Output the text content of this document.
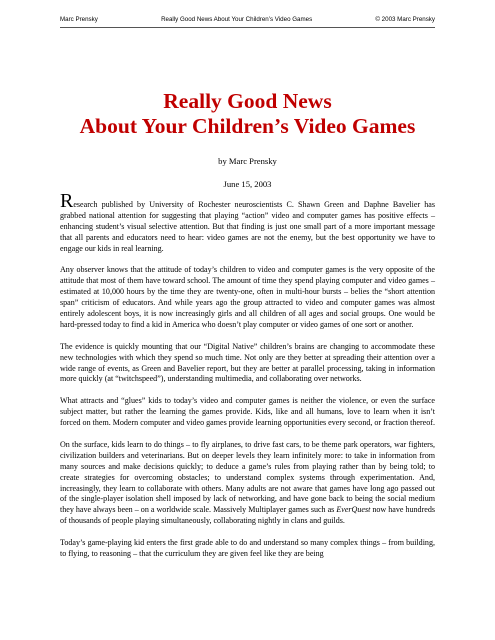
Marc Prensky	Really Good News About Your Children’s Video Games	© 2003 Marc Prensky
Really Good News
About Your Children’s Video Games
by Marc Prensky
June 15, 2003

Research published by University of Rochester neuroscientists C. Shawn Green and Daphne Bavelier has grabbed national attention for suggesting that playing “action” video and computer games has positive effects – enhancing student’s visual selective attention. But that finding is just one small part of a more important message that all parents and educators need to hear: video games are not the enemy, but the best opportunity we have to engage our kids in real learning.

Any observer knows that the attitude of today’s children to video and computer games is the very opposite of the attitude that most of them have toward school. The amount of time they spend playing computer and video games – estimated at 10,000 hours by the time they are twenty-one, often in multi-hour bursts – belies the “short attention span” criticism of educators. And while years ago the group attracted to video and computer games was almost entirely adolescent boys, it is now increasingly girls and all children of all ages and social groups. One would be hard-pressed today to find a kid in America who doesn’t play computer or video games of one sort or another.

The evidence is quickly mounting that our “Digital Native” children’s brains are changing to accommodate these new technologies with which they spend so much time. Not only are they better at spreading their attention over a wide range of events, as Green and Bavelier report, but they are better at parallel processing, taking in information more quickly (at “twitchspeed”), understanding multimedia, and collaborating over networks.

What attracts and “glues” kids to today’s video and computer games is neither the violence, or even the surface subject matter, but rather the learning the games provide. Kids, like and all humans, love to learn when it isn’t forced on them. Modern computer and video games provide learning opportunities every second, or fraction thereof.

On the surface, kids learn to do things – to fly airplanes, to drive fast cars, to be theme park operators, war fighters, civilization builders and veterinarians. But on deeper levels they learn infinitely more: to take in information from many sources and make decisions quickly; to deduce a game’s rules from playing rather than by being told; to create strategies for overcoming obstacles; to understand complex systems through experimentation. And, increasingly, they learn to collaborate with others. Many adults are not aware that games have long ago passed out of the single-player isolation shell imposed by lack of networking, and have gone back to being the social medium they have always been – on a worldwide scale. Massively Multiplayer games such as EverQuest now have hundreds of thousands of people playing simultaneously, collaborating nightly in clans and guilds.

Today’s game-playing kid enters the first grade able to do and understand so many complex things – from building, to flying, to reasoning – that the curriculum they are given feel like they are being
